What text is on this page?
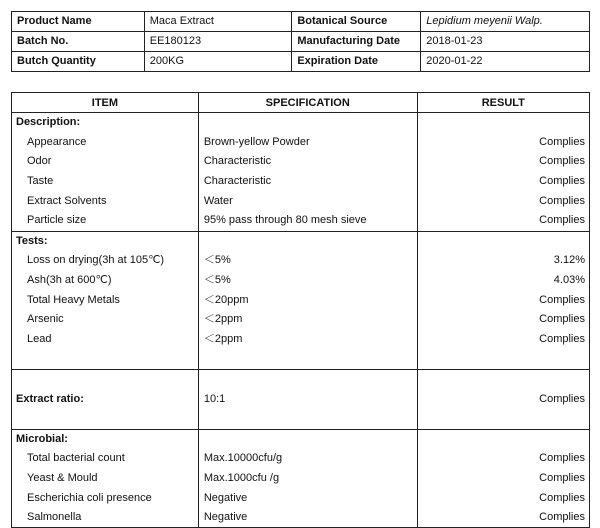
Product Name	Maca Extract	Botanical Source	Lepidium meyenii Walp.
Batch No.	EE180123	Manufacturing Date	2018-01-23
Butch Quantity	200KG	Expiration Date	2020-01-22
ITEM	SPECIFICATION	RESULT
Description:		
Appearance	Brown-yellow Powder	Complies
Odor	Characteristic	Complies
Taste	Characteristic	Complies
Extract Solvents	Water	Complies
Particle size	95% pass through 80 mesh sieve	Complies
Tests:		
Loss on drying(3h at 105℃)	＜5%	3.12%
Ash(3h at 600℃)	＜5%	4.03%
Total Heavy Metals	＜20ppm	Complies
Arsenic	＜2ppm	Complies
Lead	＜2ppm	Complies

Extract ratio:	10:1	Complies

Microbial:		
Total bacterial count	Max.10000cfu/g	Complies
Yeast & Mould	Max.1000cfu /g	Complies
Escherichia coli presence	Negative	Complies
Salmonella	Negative	Complies
